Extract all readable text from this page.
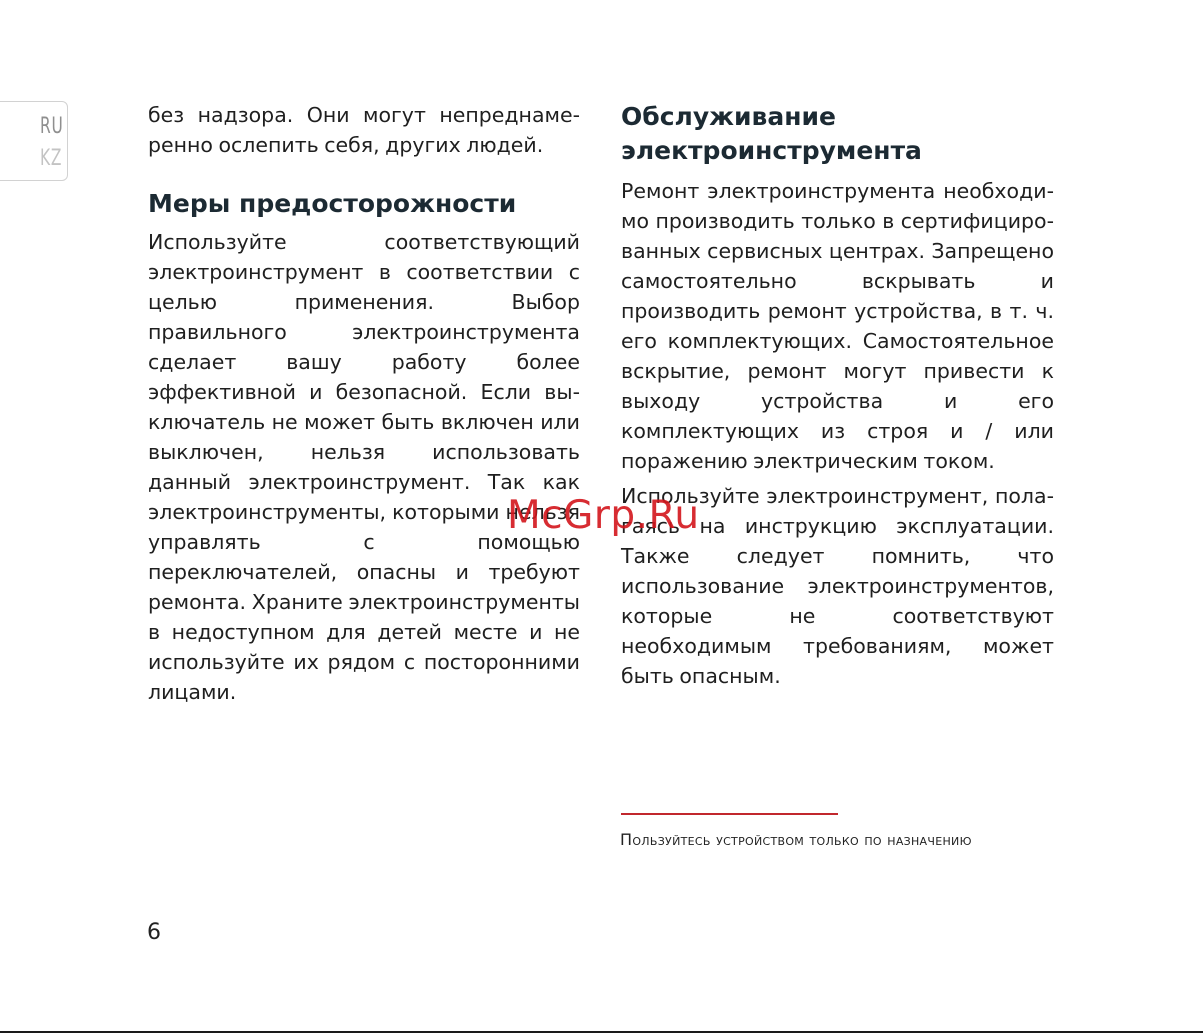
RU
KZ

без надзора. Они могут непреднамеренно ослепить себя, других людей.

Меры предосторожности

Используйте соответствующий электроинструмент в соответствии с целью применения. Выбор правильного электроинструмента сделает вашу работу более эффективной и безопасной. Если выключатель не может быть включен или выключен, нельзя использовать данный электроинструмент. Так как электроинструменты, которыми нельзя управлять с помощью переключателей, опасны и требуют ремонта. Храните электроинструменты в недоступном для детей месте и не используйте их рядом с посторонними лицами.

Обслуживание электроинструмента

Ремонт электроинструмента необходимо производить только в сертифицированных сервисных центрах. Запрещено самостоятельно вскрывать и производить ремонт устройства, в т. ч. его комплектующих. Самостоятельное вскрытие, ремонт могут привести к выходу устройства и его комплектующих из строя и / или поражению электрическим током.

Используйте электроинструмент, полагаясь на инструкцию эксплуатации. Также следует помнить, что использование электроинструментов, которые не соответствуют необходимым требованиям, может быть опасным.

Пользуйтесь устройством только по назначению
6
McGrp.Ru
